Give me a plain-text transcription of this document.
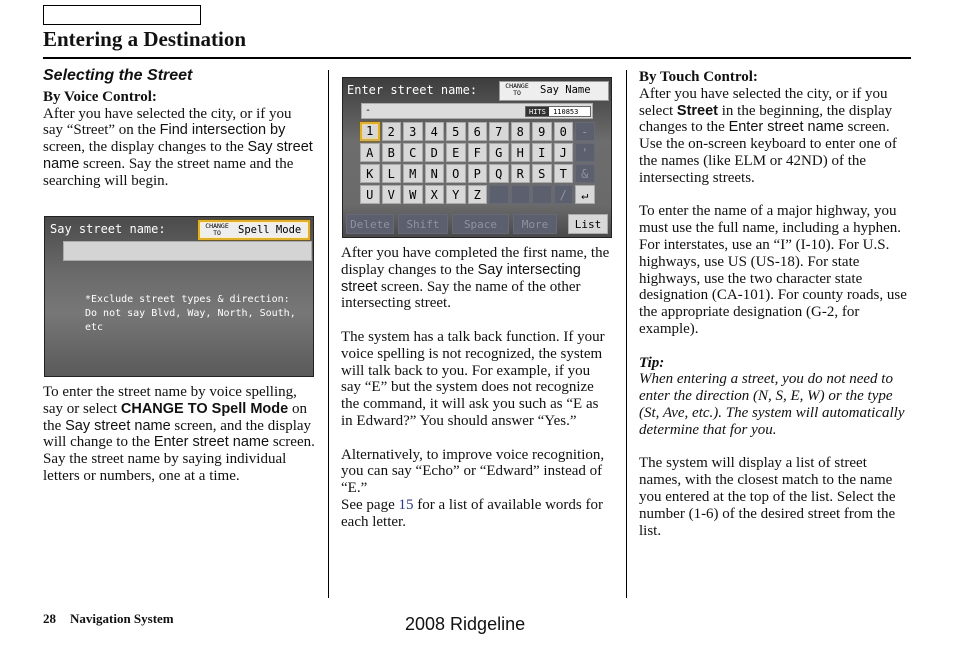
Entering a Destination
Selecting the Street
By Voice Control:

After you have selected the city, or if you say “Street” on the Find intersection by screen, the display changes to the Say street name screen. Say the street name and the searching will begin.

Say street name:	CHANGE TO	Spell Mode
*Exclude street types & direction:
Do not say Blvd, Way, North, South, etc

To enter the street name by voice spelling, say or select CHANGE TO Spell Mode on the Say street name screen, and the display will change to the Enter street name screen.

Say the street name by saying individual letters or numbers, one at a time.

Enter street name:	CHANGE TO	Say Name
-	HITS 110853
1	2	3	4	5	6	7	8	9	0	-
A	B	C	D	E	F	G	H	I	J	'
K	L	M	N	O	P	Q	R	S	T	&
U	V	W	X	Y	Z	/	↵
Delete	Shift	Space	More	List

After you have completed the first name, the display changes to the Say intersecting street screen. Say the name of the other intersecting street.

The system has a talk back function. If your voice spelling is not recognized, the system will talk back to you. For example, if you say “E” but the system does not recognize the command, it will ask you such as “E as in Edward?” You should answer “Yes.”

Alternatively, to improve voice recognition, you can say “Echo” or “Edward” instead of “E.”

See page 15 for a list of available words for each letter.

By Touch Control:

After you have selected the city, or if you select Street in the beginning, the display changes to the Enter street name screen. Use the on-screen keyboard to enter one of the names (like ELM or 42ND) of the intersecting streets.

To enter the name of a major highway, you must use the full name, including a hyphen. For interstates, use an “I” (I-10). For U.S. highways, use US (US-18). For state highways, use the two character state designation (CA-101). For county roads, use the appropriate designation (G-2, for example).

Tip:

When entering a street, you do not need to enter the direction (N, S, E, W) or the type (St, Ave, etc.). The system will automatically determine that for you.

The system will display a list of street names, with the closest match to the name you entered at the top of the list. Select the number (1-6) of the desired street from the list.

28 Navigation System	2008 Ridgeline
